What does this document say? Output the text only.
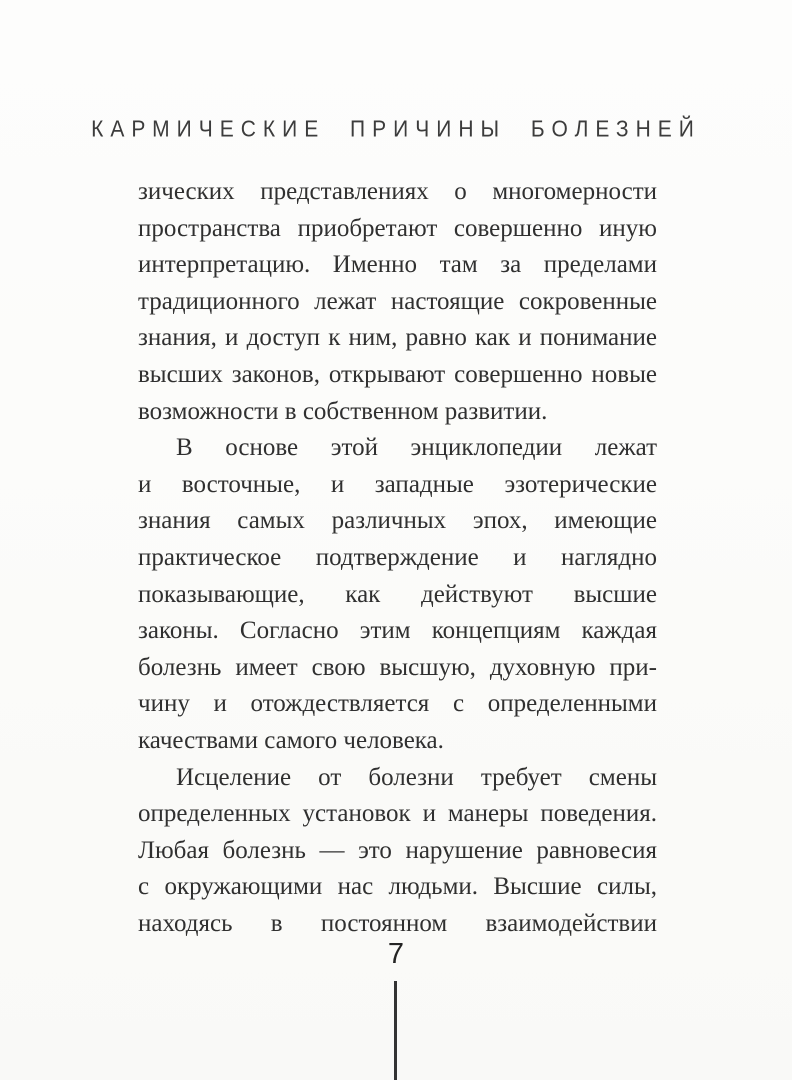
КАРМИЧЕСКИЕ ПРИЧИНЫ БОЛЕЗНЕЙ
зических представлениях о многомерности
пространства приобретают совершенно иную
интерпретацию. Именно там за пределами
традиционного лежат настоящие сокровенные
знания, и доступ к ним, равно как и понимание
высших законов, открывают совершенно новые
возможности в собственном развитии.
В основе этой энциклопедии лежат
и восточные, и западные эзотерические
знания самых различных эпох, имеющие
практическое подтверждение и наглядно
показывающие, как действуют высшие
законы. Согласно этим концепциям каждая
болезнь имеет свою высшую, духовную при-
чину и отождествляется с определенными
качествами самого человека.
Исцеление от болезни требует смены
определенных установок и манеры поведения.
Любая болезнь — это нарушение равновесия
с окружающими нас людьми. Высшие силы,
находясь в постоянном взаимодействии
7
